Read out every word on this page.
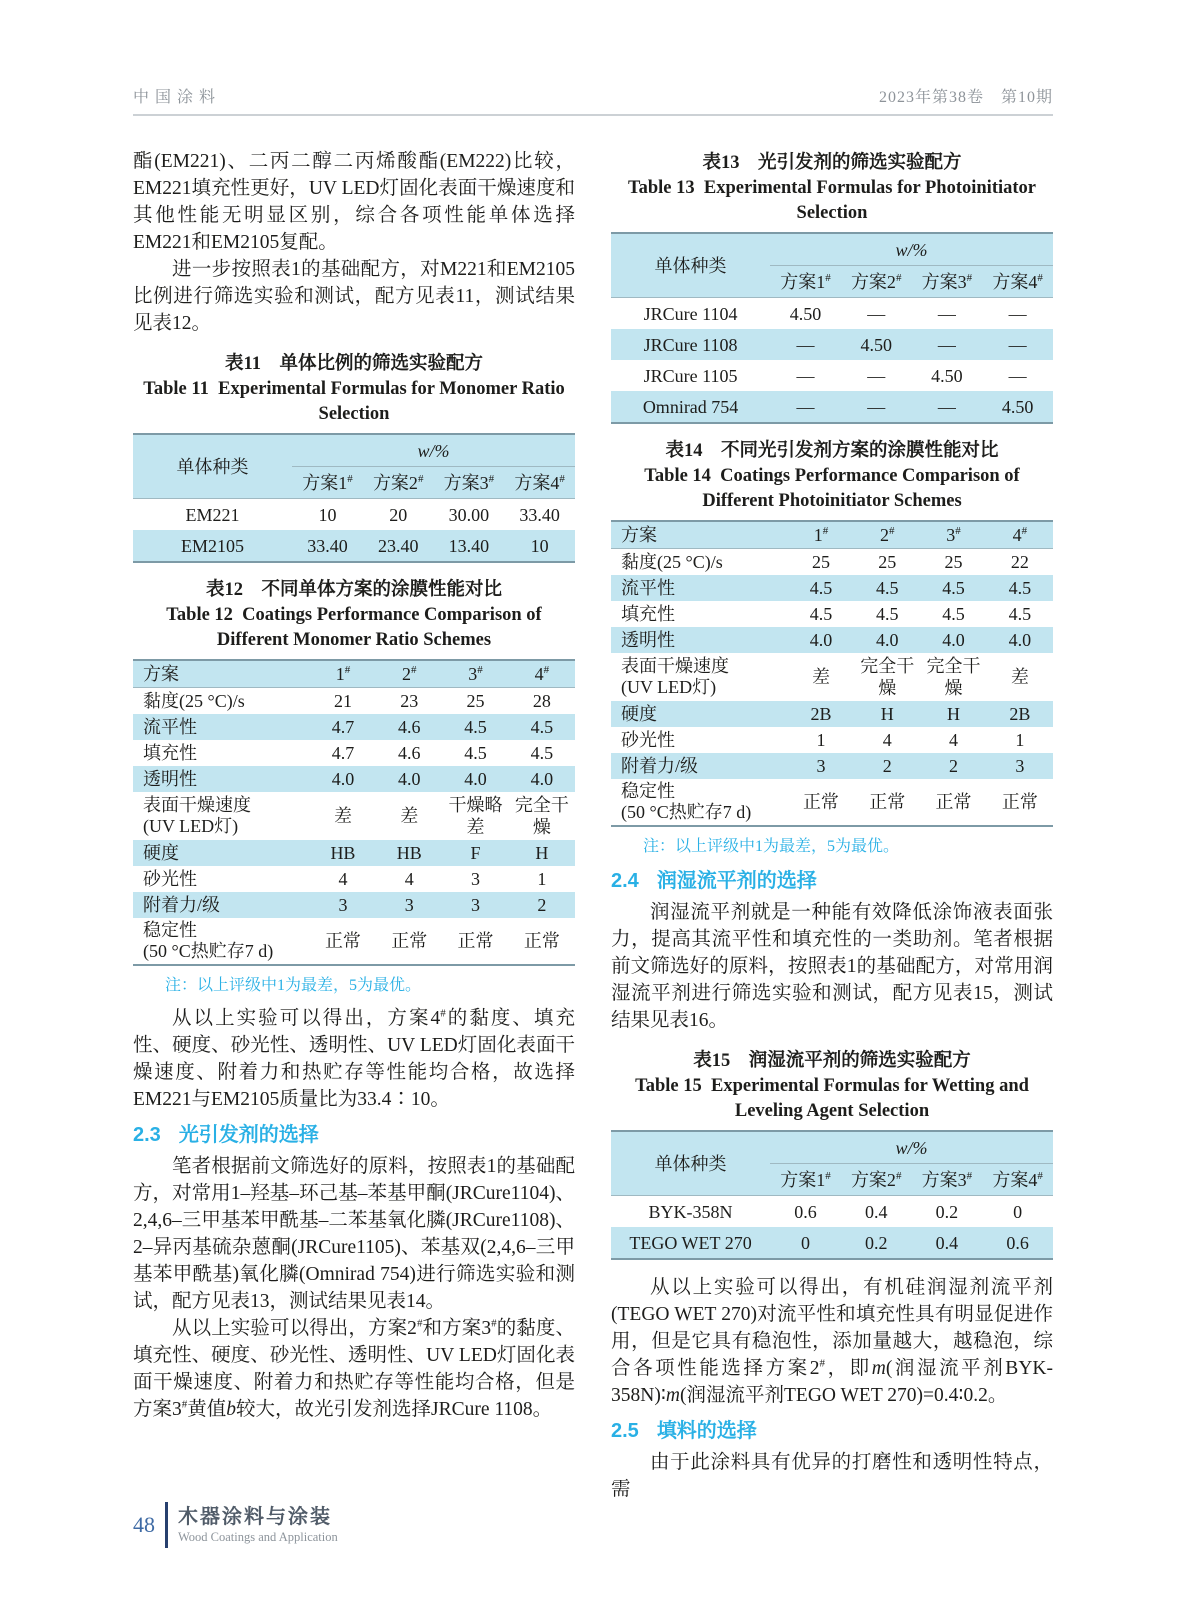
中国涂料	2023年第38卷　第10期

酯(EM221)、二丙二醇二丙烯酸酯(EM222)比较，EM221填充性更好，UV LED灯固化表面干燥速度和其他性能无明显区别，综合各项性能单体选择EM221和EM2105复配。

进一步按照表1的基础配方，对M221和EM2105比例进行筛选实验和测试，配方见表11，测试结果见表12。

表11　单体比例的筛选实验配方
Table 11  Experimental Formulas for Monomer Ratio Selection
单体种类	w/%			
	方案1#	方案2#	方案3#	方案4#
EM221	10	20	30.00	33.40
EM2105	33.40	23.40	13.40	10
表12　不同单体方案的涂膜性能对比
Table 12  Coatings Performance Comparison of Different Monomer Ratio Schemes
方案	1#	2#	3#	4#
黏度(25 °C)/s	21	23	25	28
流平性	4.7	4.6	4.5	4.5
填充性	4.7	4.6	4.5	4.5
透明性	4.0	4.0	4.0	4.0

表面干燥速度
(UV LED灯)	差	差	干燥略差	完全干燥
硬度	HB	HB	F	H
砂光性	4	4	3	1
附着力/级	3	3	3	2

稳定性
(50 °C热贮存7 d)	正常	正常	正常	正常
注：以上评级中1为最差，5为最优。

从以上实验可以得出，方案4#的黏度、填充性、硬度、砂光性、透明性、UV LED灯固化表面干燥速度、附着力和热贮存等性能均合格，故选择EM221与EM2105质量比为33.4∶10。

2.3 光引发剂的选择

笔者根据前文筛选好的原料，按照表1的基础配方，对常用1–羟基–环己基–苯基甲酮(JRCure1104)、2,4,6–三甲基苯甲酰基–二苯基氧化膦(JRCure1108)、2–异丙基硫杂蒽酮(JRCure1105)、苯基双(2,4,6–三甲基苯甲酰基)氧化膦(Omnirad 754)进行筛选实验和测试，配方见表13，测试结果见表14。

从以上实验可以得出，方案2#和方案3#的黏度、填充性、硬度、砂光性、透明性、UV LED灯固化表面干燥速度、附着力和热贮存等性能均合格，但是方案3#黄值b较大，故光引发剂选择JRCure 1108。

表13　光引发剂的筛选实验配方
Table 13  Experimental Formulas for Photoinitiator Selection
单体种类	w/%			
	方案1#	方案2#	方案3#	方案4#
JRCure 1104	4.50	—	—	—
JRCure 1108	—	4.50	—	—
JRCure 1105	—	—	4.50	—
Omnirad 754	—	—	—	4.50
表14　不同光引发剂方案的涂膜性能对比
Table 14  Coatings Performance Comparison of Different Photoinitiator Schemes
方案	1#	2#	3#	4#
黏度(25 °C)/s	25	25	25	22
流平性	4.5	4.5	4.5	4.5
填充性	4.5	4.5	4.5	4.5
透明性	4.0	4.0	4.0	4.0

表面干燥速度
(UV LED灯)	差	完全干燥	完全干燥	差
硬度	2B	H	H	2B
砂光性	1	4	4	1
附着力/级	3	2	2	3

稳定性
(50 °C热贮存7 d)	正常	正常	正常	正常
注：以上评级中1为最差，5为最优。
2.4 润湿流平剂的选择

润湿流平剂就是一种能有效降低涂饰液表面张力，提高其流平性和填充性的一类助剂。笔者根据前文筛选好的原料，按照表1的基础配方，对常用润湿流平剂进行筛选实验和测试，配方见表15，测试结果见表16。

表15　润湿流平剂的筛选实验配方
Table 15  Experimental Formulas for Wetting and Leveling Agent Selection
单体种类	w/%			
	方案1#	方案2#	方案3#	方案4#
BYK-358N	0.6	0.4	0.2	0
TEGO WET 270	0	0.2	0.4	0.6

从以上实验可以得出，有机硅润湿剂流平剂(TEGO WET 270)对流平性和填充性具有明显促进作用，但是它具有稳泡性，添加量越大，越稳泡，综合各项性能选择方案2#，即m(润湿流平剂BYK-358N)∶m(润湿流平剂TEGO WET 270)=0.4∶0.2。

2.5 填料的选择

由于此涂料具有优异的打磨性和透明性特点，需

48 木器涂料与涂装
Wood Coatings and Application
